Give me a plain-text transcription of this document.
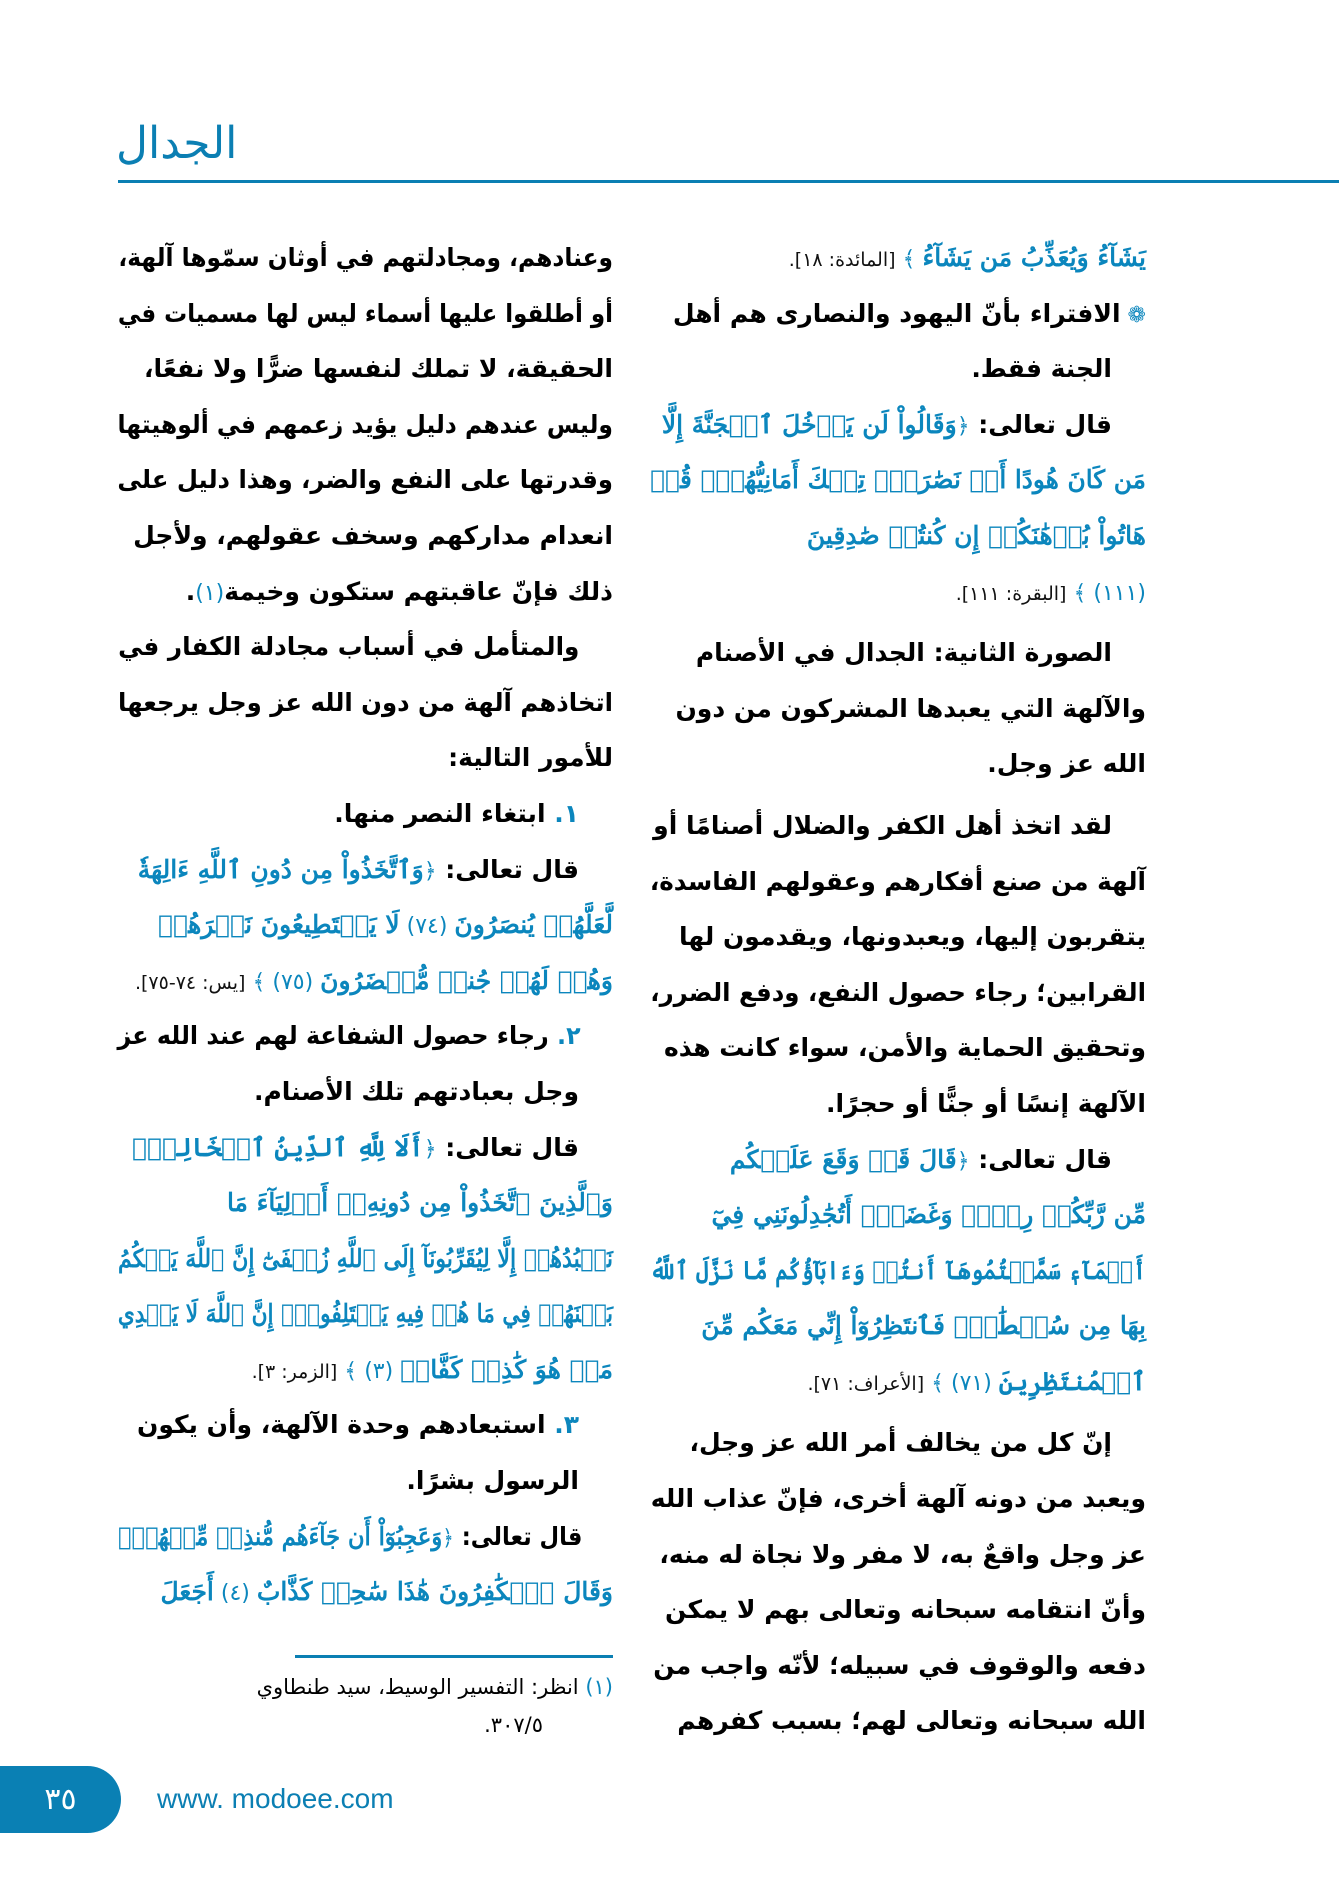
الجدال
يَشَآءُ وَيُعَذِّبُ مَن يَشَآءُ ﴾ [المائدة: ١٨].
❁ الافتراء بأنّ اليهود والنصارى هم أهل
الجنة فقط.
قال تعالى: ﴿وَقَالُواْ لَن يَدۡخُلَ ٱلۡجَنَّةَ إِلَّا
مَن كَانَ هُودًا أَوۡ نَصَٰرَىٰۗ تِلۡكَ أَمَانِيُّهُمۡۗ قُلۡ
هَاتُواْ بُرۡهَٰنَكُمۡ إِن كُنتُمۡ صَٰدِقِينَ
(١١١) ﴾ [البقرة: ١١١].
الصورة الثانية: الجدال في الأصنام
والآلهة التي يعبدها المشركون من دون
الله عز وجل.
لقد اتخذ أهل الكفر والضلال أصنامًا أو
آلهة من صنع أفكارهم وعقولهم الفاسدة،
يتقربون إليها، ويعبدونها، ويقدمون لها
القرابين؛ رجاء حصول النفع، ودفع الضرر،
وتحقيق الحماية والأمن، سواء كانت هذه
الآلهة إنسًا أو جنًّا أو حجرًا.
قال تعالى: ﴿قَالَ قَدۡ وَقَعَ عَلَيۡكُم
مِّن رَّبِّكُمۡ رِجۡسٞ وَغَضَبٌۖ أَتُجَٰدِلُونَنِي فِيٓ
أَسۡمَآءٖ سَمَّيۡتُمُوهَآ أَنتُمۡ وَءَابَآؤُكُم مَّا نَزَّلَ ٱللَّهُ
بِهَا مِن سُلۡطَٰنٖۚ فَٱنتَظِرُوٓاْ إِنِّي مَعَكُم مِّنَ
ٱلۡمُنتَظِرِينَ (٧١) ﴾ [الأعراف: ٧١].
إنّ كل من يخالف أمر الله عز وجل،
ويعبد من دونه آلهة أخرى، فإنّ عذاب الله
عز وجل واقعٌ به، لا مفر ولا نجاة له منه،
وأنّ انتقامه سبحانه وتعالى بهم لا يمكن
دفعه والوقوف في سبيله؛ لأنّه واجب من
الله سبحانه وتعالى لهم؛ بسبب كفرهم
وعنادهم، ومجادلتهم في أوثان سمّوها آلهة،
أو أطلقوا عليها أسماء ليس لها مسميات في
الحقيقة، لا تملك لنفسها ضرًّا ولا نفعًا،
وليس عندهم دليل يؤيد زعمهم في ألوهيتها
وقدرتها على النفع والضر، وهذا دليل على
انعدام مداركهم وسخف عقولهم، ولأجل
ذلك فإنّ عاقبتهم ستكون وخيمة(١).
والمتأمل في أسباب مجادلة الكفار في
اتخاذهم آلهة من دون الله عز وجل يرجعها
للأمور التالية:
١. ابتغاء النصر منها.
قال تعالى: ﴿وَٱتَّخَذُواْ مِن دُونِ ٱللَّهِ ءَالِهَةٗ
لَّعَلَّهُمۡ يُنصَرُونَ (٧٤) لَا يَسۡتَطِيعُونَ نَصۡرَهُمۡ
وَهُمۡ لَهُمۡ جُندٞ مُّحۡضَرُونَ (٧٥) ﴾ [يس: ٧٤-٧٥].
٢. رجاء حصول الشفاعة لهم عند الله عز
وجل بعبادتهم تلك الأصنام.
قال تعالى: ﴿أَلَا لِلَّهِ ٱلدِّينُ ٱلۡخَالِصُۚ
وَٱلَّذِينَ ٱتَّخَذُواْ مِن دُونِهِۦٓ أَوۡلِيَآءَ مَا
نَعۡبُدُهُمۡ إِلَّا لِيُقَرِّبُونَآ إِلَى ٱللَّهِ زُلۡفَىٰٓ إِنَّ ٱللَّهَ يَحۡكُمُ
بَيۡنَهُمۡ فِي مَا هُمۡ فِيهِ يَخۡتَلِفُونَۗ إِنَّ ٱللَّهَ لَا يَهۡدِي
مَنۡ هُوَ كَٰذِبٞ كَفَّارٞ (٣) ﴾ [الزمر: ٣].
٣. استبعادهم وحدة الآلهة، وأن يكون
الرسول بشرًا.
قال تعالى: ﴿وَعَجِبُوٓاْ أَن جَآءَهُم مُّنذِرٞ مِّنۡهُمۡۖ
وَقَالَ ٱلۡكَٰفِرُونَ هَٰذَا سَٰحِرٞ كَذَّابٌ (٤) أَجَعَلَ
(١) انظر: التفسير الوسيط، سيد طنطاوي
٣٠٧/٥.
٣٥	www. modoee.com
